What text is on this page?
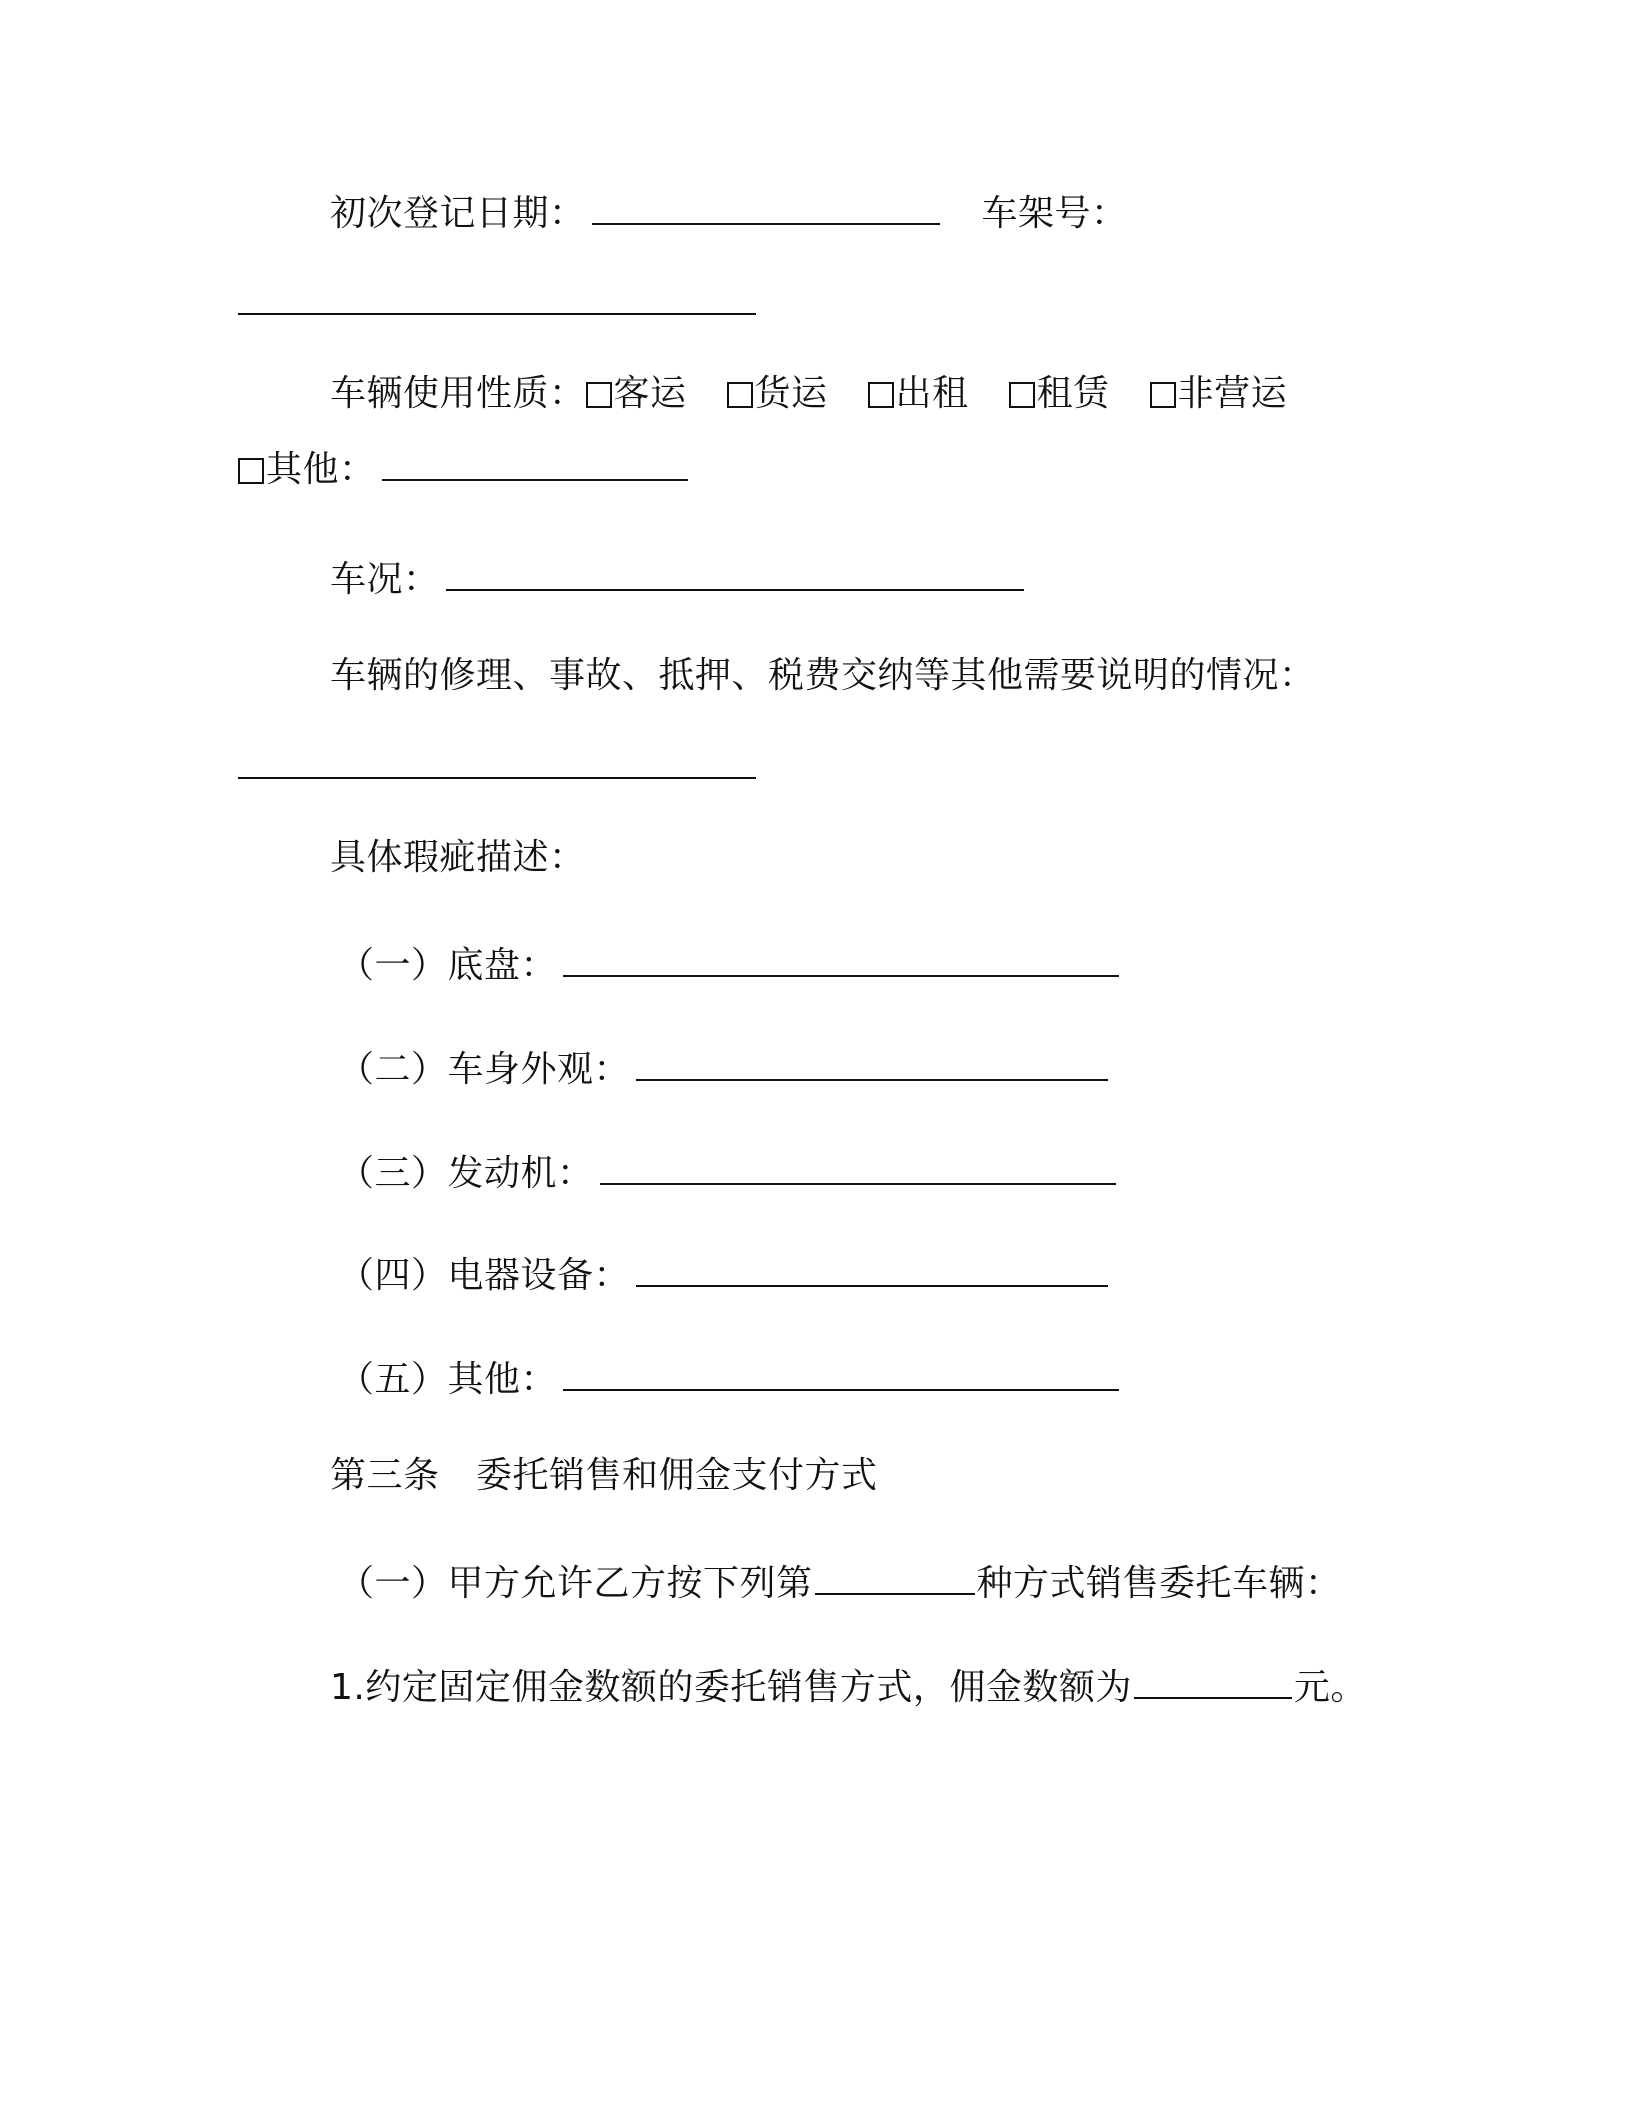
初次登记日期：	车架号：
车辆使用性质： 客运 货运 出租 租赁 非营运
其他：
车况：
车辆的修理、事故、抵押、税费交纳等其他需要说明的情况：
具体瑕疵描述：
（一）底盘：
（二）车身外观：
（三）发动机：
（四）电器设备：
（五）其他：
第三条　委托销售和佣金支付方式
（一）甲方允许乙方按下列第	种方式销售委托车辆：
1.约定固定佣金数额的委托销售方式，佣金数额为	元。
